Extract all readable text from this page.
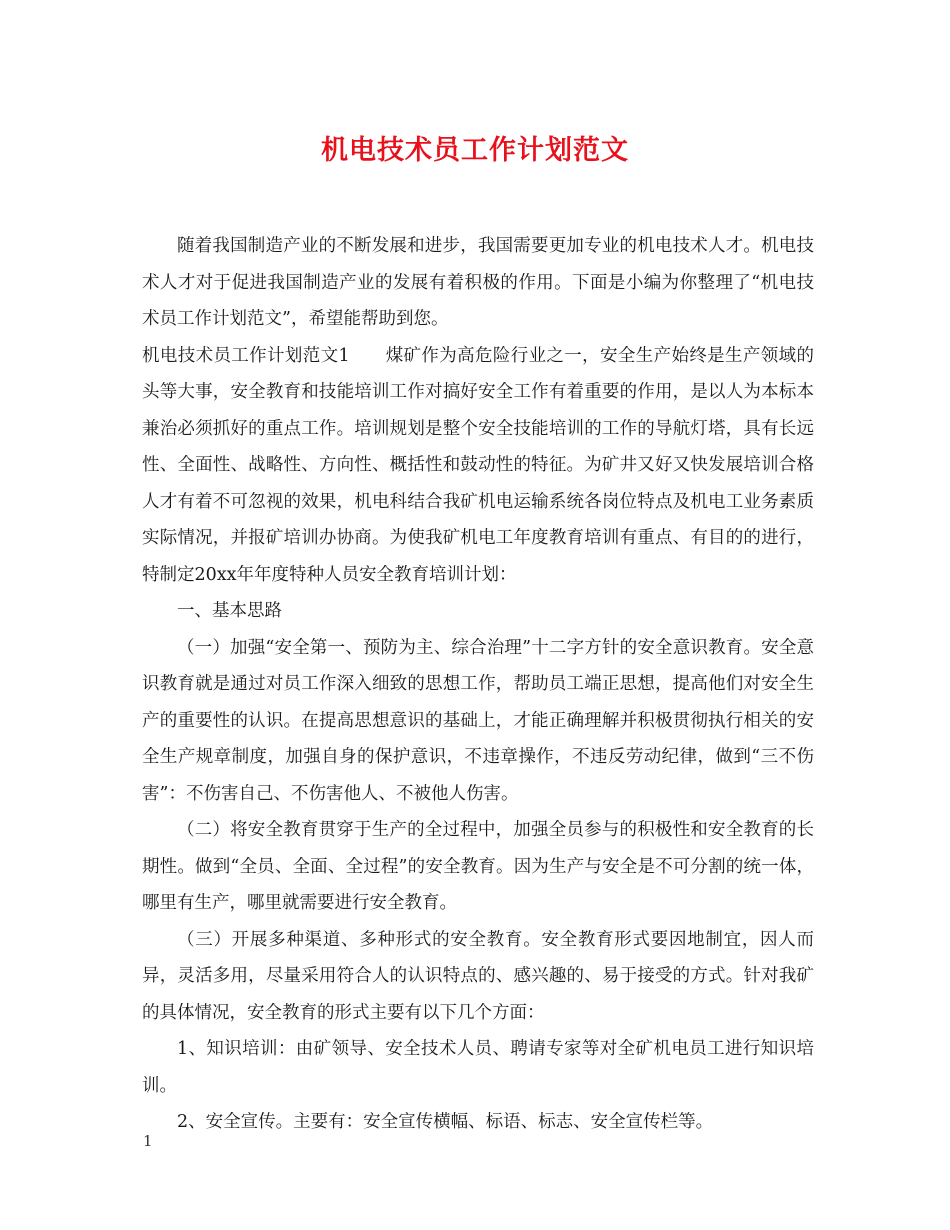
机电技术员工作计划范文

随着我国制造产业的不断发展和进步，我国需要更加专业的机电技术人才。机电技术人才对于促进我国制造产业的发展有着积极的作用。下面是小编为你整理了“机电技术员工作计划范文”，希望能帮助到您。

机电技术员工作计划范文1　　煤矿作为高危险行业之一，安全生产始终是生产领域的头等大事，安全教育和技能培训工作对搞好安全工作有着重要的作用，是以人为本标本兼治必须抓好的重点工作。培训规划是整个安全技能培训的工作的导航灯塔，具有长远性、全面性、战略性、方向性、概括性和鼓动性的特征。为矿井又好又快发展培训合格人才有着不可忽视的效果，机电科结合我矿机电运输系统各岗位特点及机电工业务素质实际情况，并报矿培训办协商。为使我矿机电工年度教育培训有重点、有目的的进行，特制定20xx年年度特种人员安全教育培训计划：

一、基本思路

（一）加强“安全第一、预防为主、综合治理”十二字方针的安全意识教育。安全意识教育就是通过对员工作深入细致的思想工作，帮助员工端正思想，提高他们对安全生产的重要性的认识。在提高思想意识的基础上，才能正确理解并积极贯彻执行相关的安全生产规章制度，加强自身的保护意识，不违章操作，不违反劳动纪律，做到“三不伤害”：不伤害自己、不伤害他人、不被他人伤害。

（二）将安全教育贯穿于生产的全过程中，加强全员参与的积极性和安全教育的长期性。做到“全员、全面、全过程”的安全教育。因为生产与安全是不可分割的统一体，哪里有生产，哪里就需要进行安全教育。

（三）开展多种渠道、多种形式的安全教育。安全教育形式要因地制宜，因人而异，灵活多用，尽量采用符合人的认识特点的、感兴趣的、易于接受的方式。针对我矿的具体情况，安全教育的形式主要有以下几个方面：

1、知识培训：由矿领导、安全技术人员、聘请专家等对全矿机电员工进行知识培训。

2、安全宣传。主要有：安全宣传横幅、标语、标志、安全宣传栏等。

1
